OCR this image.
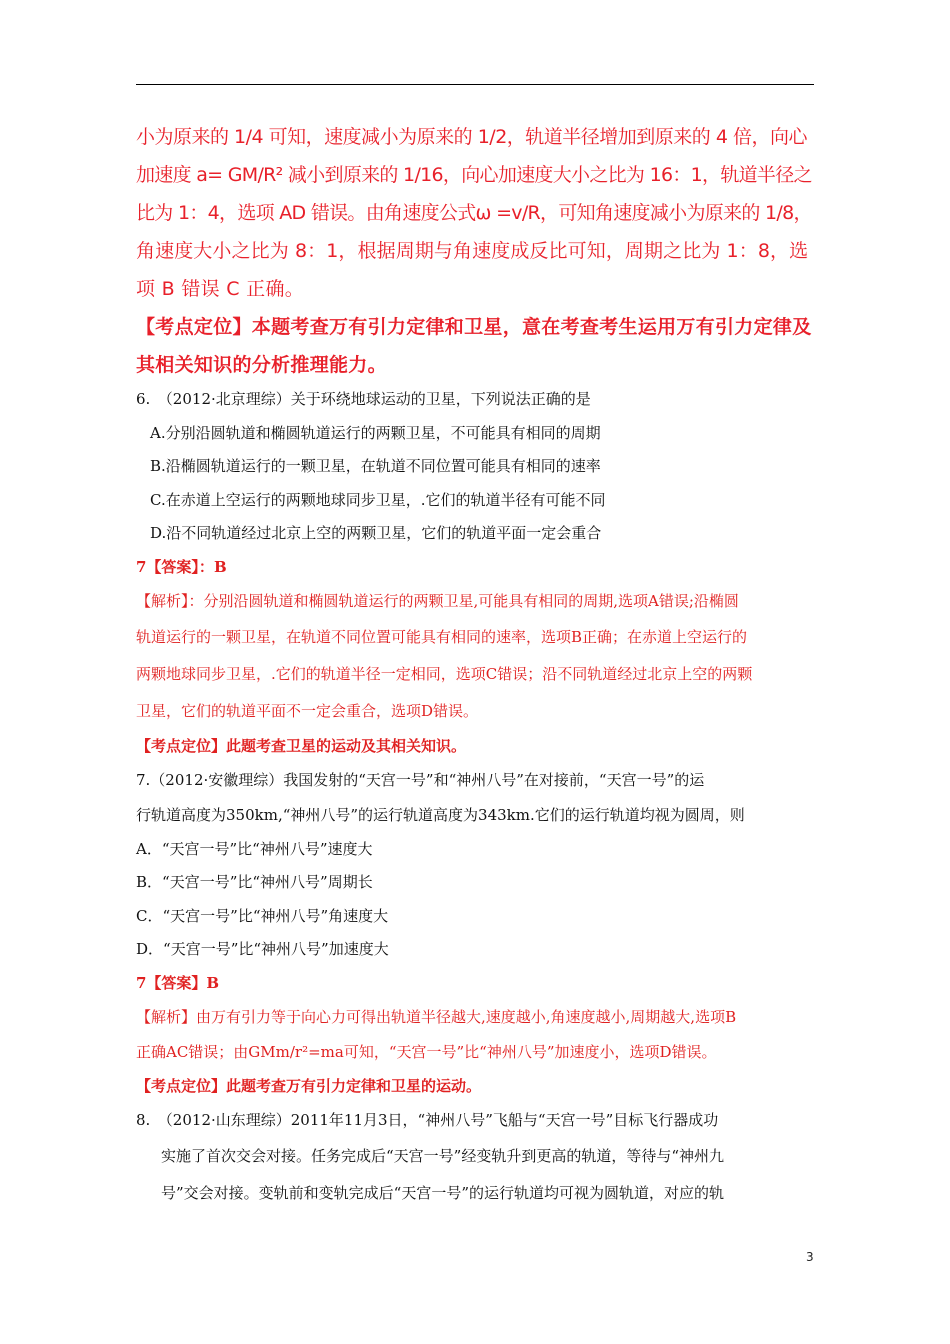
小为原来的 1/4 可知，速度减小为原来的 1/2，轨道半径增加到原来的 4 倍，向心
加速度 a= GM/R² 减小到原来的 1/16，向心加速度大小之比为 16：1，轨道半径之
比为 1：4，选项 AD 错误。由角速度公式ω =v/R，可知角速度减小为原来的 1/8，
角速度大小之比为 8：1，根据周期与角速度成反比可知，周期之比为 1：8，选
项 B 错误 C 正确。
【考点定位】本题考查万有引力定律和卫星，意在考查考生运用万有引力定律及
其相关知识的分析推理能力。
6.　（2012·北京理综）关于环绕地球运动的卫星，下列说法正确的是
A.分别沿圆轨道和椭圆轨道运行的两颗卫星，不可能具有相同的周期
B.沿椭圆轨道运行的一颗卫星，在轨道不同位置可能具有相同的速率
C.在赤道上空运行的两颗地球同步卫星，.它们的轨道半径有可能不同
D.沿不同轨道经过北京上空的两颗卫星，它们的轨道平面一定会重合
7【答案】：B
【解析】：分别沿圆轨道和椭圆轨道运行的两颗卫星,可能具有相同的周期,选项A错误;沿椭圆
轨道运行的一颗卫星，在轨道不同位置可能具有相同的速率，选项B正确；在赤道上空运行的
两颗地球同步卫星，.它们的轨道半径一定相同，选项C错误；沿不同轨道经过北京上空的两颗
卫星，它们的轨道平面不一定会重合，选项D错误。
【考点定位】此题考查卫星的运动及其相关知识。
7.（2012·安徽理综）我国发射的“天宫一号”和“神州八号”在对接前，“天宫一号”的运
行轨道高度为350km,“神州八号”的运行轨道高度为343km.它们的运行轨道均视为圆周，则
A．“天宫一号”比“神州八号”速度大
B．“天宫一号”比“神州八号”周期长
C．“天宫一号”比“神州八号”角速度大
D．“天宫一号”比“神州八号”加速度大
7【答案】B
【解析】由万有引力等于向心力可得出轨道半径越大,速度越小,角速度越小,周期越大,选项B
正确AC错误；由GMm/r²=ma可知，“天宫一号”比“神州八号”加速度小，选项D错误。
【考点定位】此题考查万有引力定律和卫星的运动。
8.　（2012·山东理综）2011年11月3日，“神州八号”飞船与“天宫一号”目标飞行器成功
实施了首次交会对接。任务完成后“天宫一号”经变轨升到更高的轨道，等待与“神州九
号”交会对接。变轨前和变轨完成后“天宫一号”的运行轨道均可视为圆轨道，对应的轨
3
